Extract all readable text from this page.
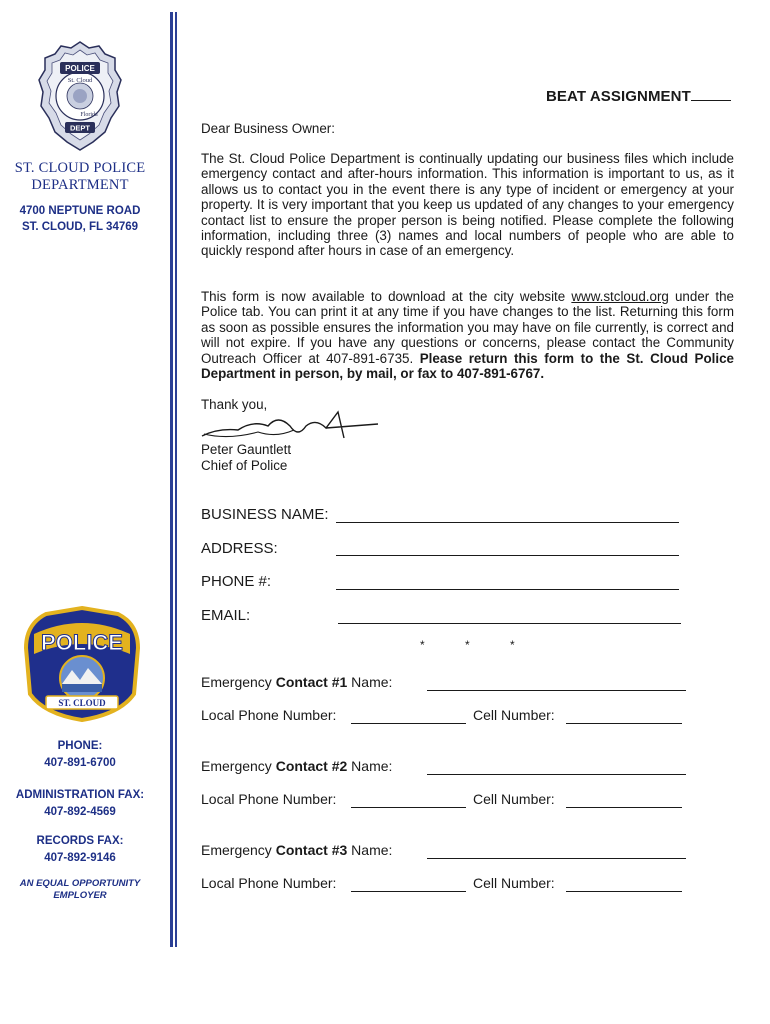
POLICE
St. Cloud
Florida
DEPT
ST. CLOUD POLICE
DEPARTMENT
4700 NEPTUNE ROAD
ST. CLOUD, FL 34769
POLICE
ST. CLOUD
PHONE:
407-891-6700
ADMINISTRATION FAX:
407-892-4569
RECORDS FAX:
407-892-9146
AN EQUAL OPPORTUNITY
EMPLOYER
BEAT ASSIGNMENT
Dear Business Owner:
The St. Cloud Police Department is continually updating our business files which include emergency contact and after-hours information. This information is important to us, as it allows us to contact you in the event there is any type of incident or emergency at your property. It is very important that you keep us updated of any changes to your emergency contact list to ensure the proper person is being notified. Please complete the following information, including three (3) names and local numbers of people who are able to quickly respond after hours in case of an emergency.
This form is now available to download at the city website www.stcloud.org under the Police tab. You can print it at any time if you have changes to the list. Returning this form as soon as possible ensures the information you may have on file currently, is correct and will not expire. If you have any questions or concerns, please contact the Community Outreach Officer at 407-891-6735. Please return this form to the St. Cloud Police Department in person, by mail, or fax to 407-891-6767.
Thank you,
Peter Gauntlett
Chief of Police
BUSINESS NAME:
ADDRESS:
PHONE #:
EMAIL:
*	*	*
Emergency Contact #1 Name:
Local Phone Number:	Cell Number:
Emergency Contact #2 Name:
Local Phone Number:	Cell Number:
Emergency Contact #3 Name:
Local Phone Number:	Cell Number:
